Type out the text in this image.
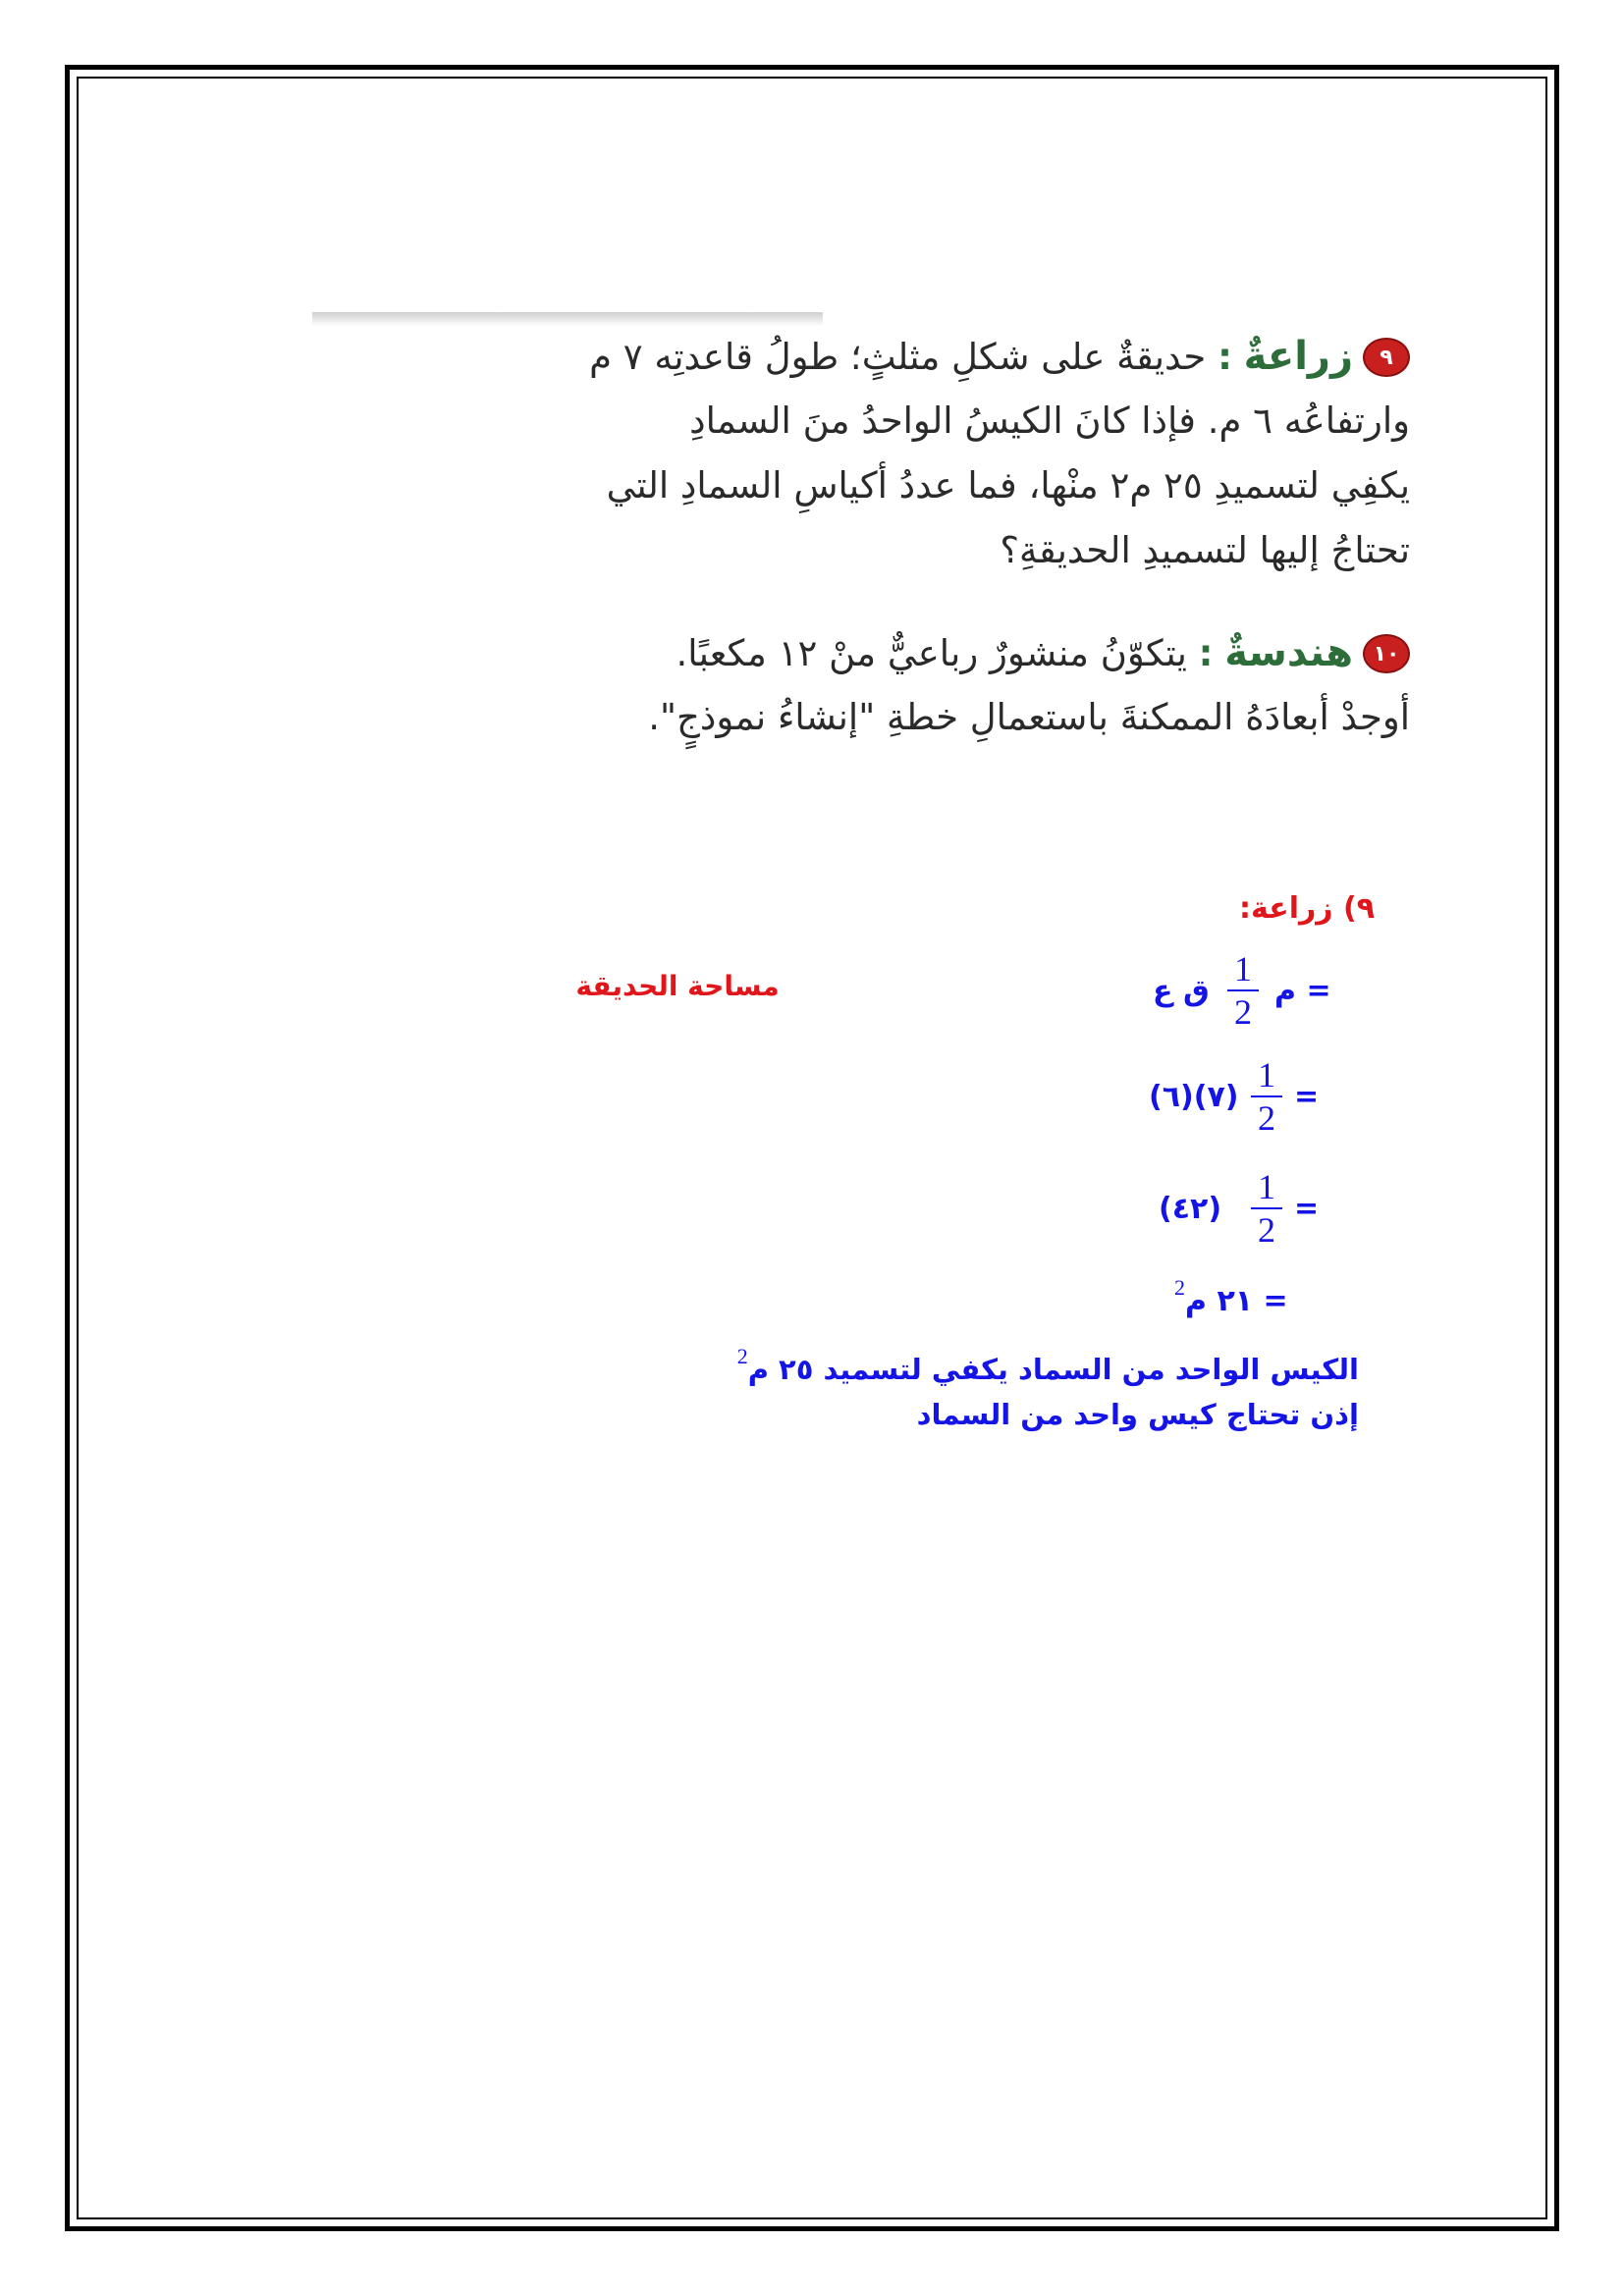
٩
زراعةٌ : حديقةٌ على شكلِ مثلثٍ؛ طولُ قاعدتِه ٧ م
وارتفاعُه ٦ م. فإذا كانَ الكيسُ الواحدُ منَ السمادِ
يكفِي لتسميدِ ٢٥ م٢ منْها، فما عددُ أكياسِ السمادِ التي
تحتاجُ إليها لتسميدِ الحديقةِ؟
١٠
هندسةٌ : يتكوّنُ منشورٌ رباعيٌّ منْ ١٢ مكعبًا.
أوجدْ أبعادَهُ الممكنةَ باستعمالِ خطةِ "إنشاءُ نموذجٍ".
٩) زراعة:
مساحة الحديقة	ق ع
1
2
م =
(٦)(٧)
1
2
=
(٤٢)
1
2
=
= ٢١ م$^2$
الكيس الواحد من السماد يكفي لتسميد ٢٥ م$^2$
إذن تحتاج كيس واحد من السماد
